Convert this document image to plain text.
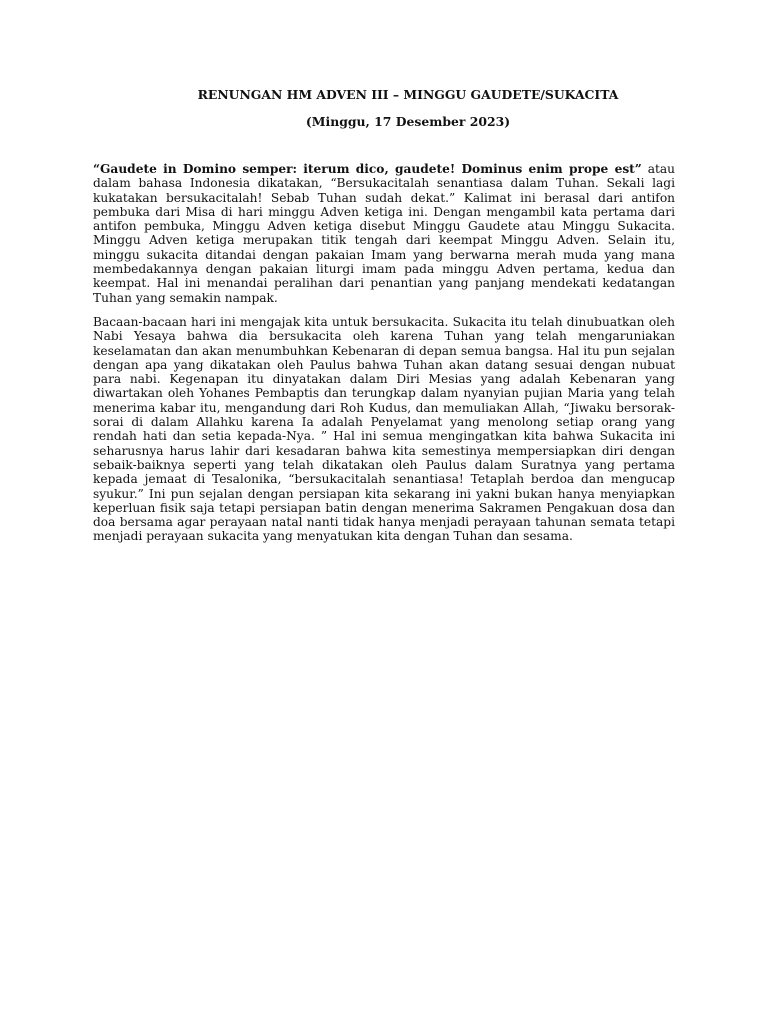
RENUNGAN HM ADVEN III – MINGGU GAUDETE/SUKACITA
(Minggu, 17 Desember 2023)

“Gaudete in Domino semper: iterum dico, gaudete! Dominus enim prope est” atau dalam bahasa Indonesia dikatakan, “Bersukacitalah senantiasa dalam Tuhan. Sekali lagi kukatakan bersukacitalah! Sebab Tuhan sudah dekat.” Kalimat ini berasal dari antifon pembuka dari Misa di hari minggu Adven ketiga ini. Dengan mengambil kata pertama dari antifon pembuka, Minggu Adven ketiga disebut Minggu Gaudete atau Minggu Sukacita. Minggu Adven ketiga merupakan titik tengah dari keempat Minggu Adven. Selain itu, minggu sukacita ditandai dengan pakaian Imam yang berwarna merah muda yang mana membedakannya dengan pakaian liturgi imam pada minggu Adven pertama, kedua dan keempat. Hal ini menandai peralihan dari penantian yang panjang mendekati kedatangan Tuhan yang semakin nampak.

Bacaan-bacaan hari ini mengajak kita untuk bersukacita. Sukacita itu telah dinubuatkan oleh Nabi Yesaya bahwa dia bersukacita oleh karena Tuhan yang telah mengaruniakan keselamatan dan akan menumbuhkan Kebenaran di depan semua bangsa. Hal itu pun sejalan dengan apa yang dikatakan oleh Paulus bahwa Tuhan akan datang sesuai dengan nubuat para nabi. Kegenapan itu dinyatakan dalam Diri Mesias yang adalah Kebenaran yang diwartakan oleh Yohanes Pembaptis dan terungkap dalam nyanyian pujian Maria yang telah menerima kabar itu, mengandung dari Roh Kudus, dan memuliakan Allah, “Jiwaku bersorak-sorai di dalam Allahku karena Ia adalah Penyelamat yang menolong setiap orang yang rendah hati dan setia kepada-Nya. ” Hal ini semua mengingatkan kita bahwa Sukacita ini seharusnya harus lahir dari kesadaran bahwa kita semestinya mempersiapkan diri dengan sebaik-baiknya seperti yang telah dikatakan oleh Paulus dalam Suratnya yang pertama kepada jemaat di Tesalonika, “bersukacitalah senantiasa! Tetaplah berdoa dan mengucap syukur.” Ini pun sejalan dengan persiapan kita sekarang ini yakni bukan hanya menyiapkan keperluan fisik saja tetapi persiapan batin dengan menerima Sakramen Pengakuan dosa dan doa bersama agar perayaan natal nanti tidak hanya menjadi perayaan tahunan semata tetapi menjadi perayaan sukacita yang menyatukan kita dengan Tuhan dan sesama.
